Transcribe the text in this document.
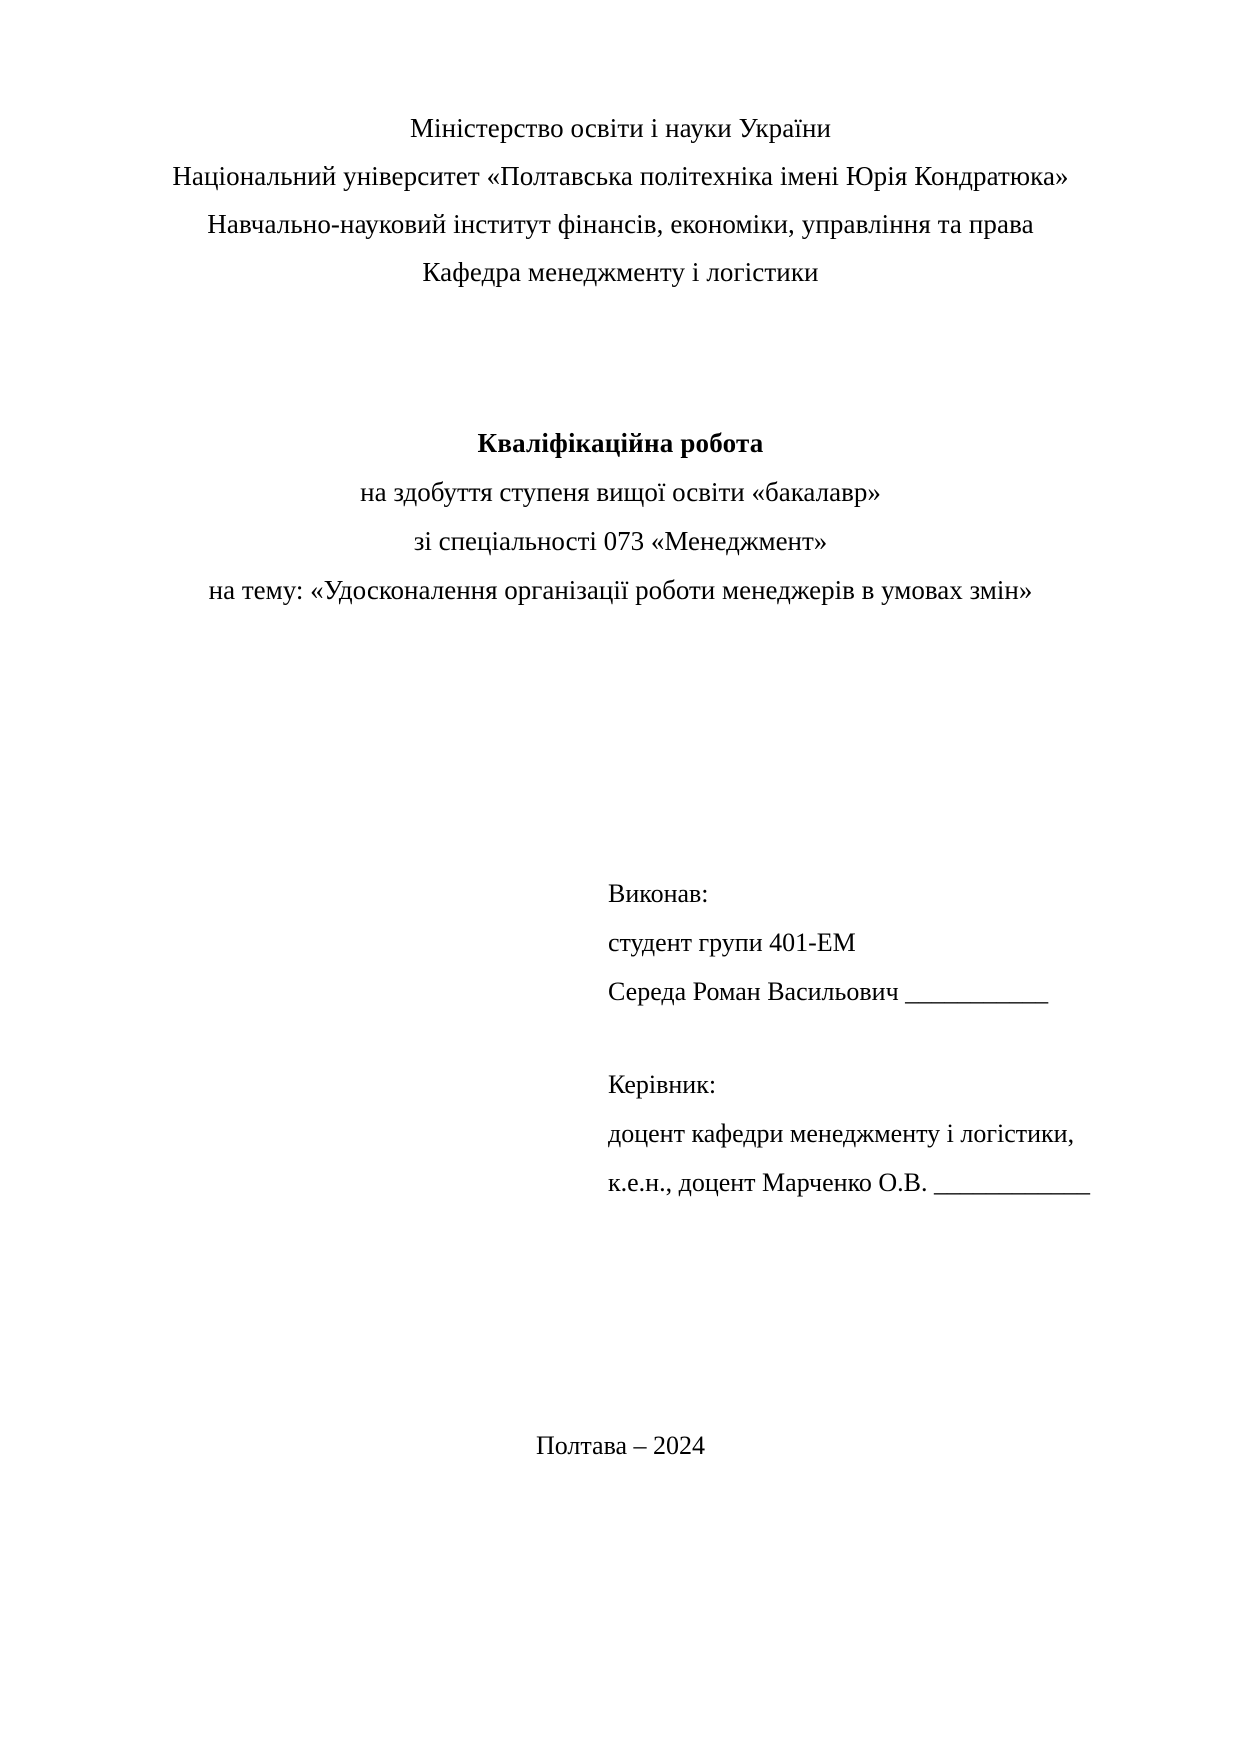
Міністерство освіти і науки України
Національний університет «Полтавська політехніка імені Юрія Кондратюка»
Навчально-науковий інститут фінансів, економіки, управління та права
Кафедра менеджменту і логістики
Кваліфікаційна робота
на здобуття ступеня вищої освіти «бакалавр»
зі спеціальності 073 «Менеджмент»
на тему: «Удосконалення організації роботи менеджерів в умовах змін»
Виконав:
студент групи 401-ЕМ
Середа Роман Васильович ___________
Керівник:
доцент кафедри менеджменту і логістики,
к.е.н., доцент Марченко О.В. ____________
Полтава – 2024
